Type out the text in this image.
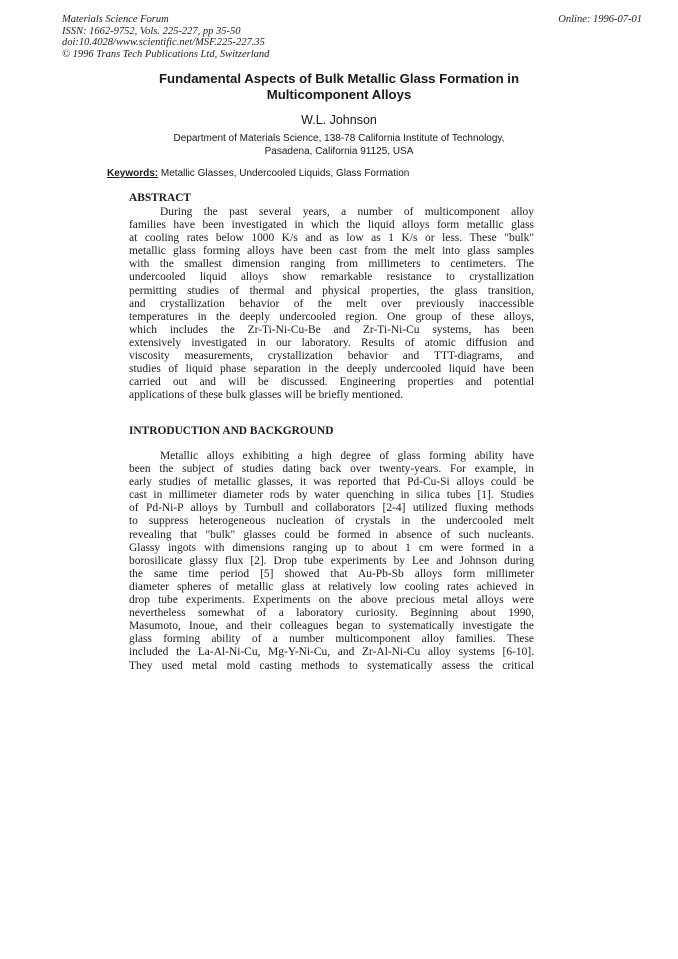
Materials Science Forum
ISSN: 1662-9752, Vols. 225-227, pp 35-50
doi:10.4028/www.scientific.net/MSF.225-227.35
© 1996 Trans Tech Publications Ltd, Switzerland
Online: 1996-07-01
Fundamental Aspects of Bulk Metallic Glass Formation in
Multicomponent Alloys
W.L. Johnson
Department of Materials Science, 138-78 California Institute of Technology,
Pasadena, California 91125, USA
Keywords: Metallic Glasses, Undercooled Liquids, Glass Formation
ABSTRACT
During the past several years, a number of multicomponent alloy
families have been investigated in which the liquid alloys form metallic glass
at cooling rates below 1000 K/s and as low as 1 K/s or less. These "bulk"
metallic glass forming alloys have been cast from the melt into glass samples
with the smallest dimension ranging from millimeters to centimeters. The
undercooled liquid alloys show remarkable resistance to crystallization
permitting studies of thermal and physical properties, the glass transition,
and crystallization behavior of the melt over previously inaccessible
temperatures in the deeply undercooled region. One group of these alloys,
which includes the Zr-Ti-Ni-Cu-Be and Zr-Ti-Ni-Cu systems, has been
extensively investigated in our laboratory. Results of atomic diffusion and
viscosity measurements, crystallization behavior and TTT-diagrams, and
studies of liquid phase separation in the deeply undercooled liquid have been
carried out and will be discussed. Engineering properties and potential
applications of these bulk glasses will be briefly mentioned.
INTRODUCTION AND BACKGROUND
Metallic alloys exhibiting a high degree of glass forming ability have
been the subject of studies dating back over twenty-years. For example, in
early studies of metallic glasses, it was reported that Pd-Cu-Si alloys could be
cast in millimeter diameter rods by water quenching in silica tubes [1]. Studies
of Pd-Ni-P alloys by Turnbull and collaborators [2-4] utilized fluxing methods
to suppress heterogeneous nucleation of crystals in the undercooled melt
revealing that "bulk" glasses could be formed in absence of such nucleants.
Glassy ingots with dimensions ranging up to about 1 cm were formed in a
borosilicate glassy flux [2]. Drop tube experiments by Lee and Johnson during
the same time period [5] showed that Au-Pb-Sb alloys form millimeter
diameter spheres of metallic glass at relatively low cooling rates achieved in
drop tube experiments. Experiments on the above precious metal alloys were
nevertheless somewhat of a laboratory curiosity. Beginning about 1990,
Masumoto, Inoue, and their colleagues began to systematically investigate the
glass forming ability of a number multicomponent alloy families. These
included the La-Al-Ni-Cu, Mg-Y-Ni-Cu, and Zr-Al-Ni-Cu alloy systems [6-10].
They used metal mold casting methods to systematically assess the critical
